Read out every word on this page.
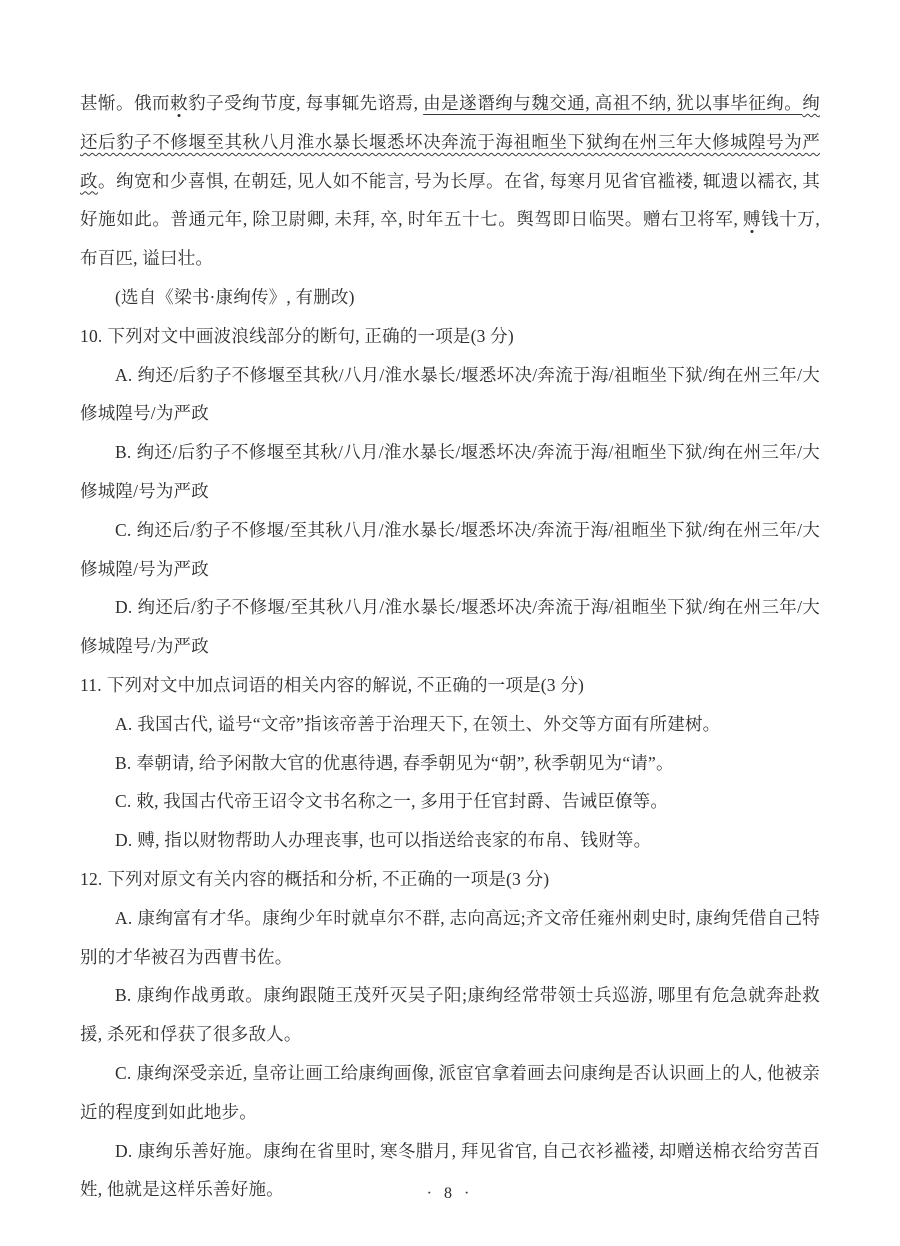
甚惭。俄而敕豹子受绚节度, 每事辄先谘焉, 由是遂谮绚与魏交通, 高祖不纳, 犹以事毕征绚。绚还后豹子不修堰至其秋八月淮水暴长堰悉坏决奔流于海祖暅坐下狱绚在州三年大修城隍号为严政。绚宽和少喜惧, 在朝廷, 见人如不能言, 号为长厚。在省, 每寒月见省官褴褛, 辄遗以襦衣, 其好施如此。普通元年, 除卫尉卿, 未拜, 卒, 时年五十七。舆驾即日临哭。赠右卫将军, 赙钱十万, 布百匹, 谥曰壮。

(选自《梁书·康绚传》, 有删改)

10. 下列对文中画波浪线部分的断句, 正确的一项是(3 分)

A. 绚还/后豹子不修堰至其秋/八月/淮水暴长/堰悉坏决/奔流于海/祖暅坐下狱/绚在州三年/大修城隍号/为严政

B. 绚还/后豹子不修堰至其秋/八月/淮水暴长/堰悉坏决/奔流于海/祖暅坐下狱/绚在州三年/大修城隍/号为严政

C. 绚还后/豹子不修堰/至其秋八月/淮水暴长/堰悉坏决/奔流于海/祖暅坐下狱/绚在州三年/大修城隍/号为严政

D. 绚还后/豹子不修堰/至其秋八月/淮水暴长/堰悉坏决/奔流于海/祖暅坐下狱/绚在州三年/大修城隍号/为严政

11. 下列对文中加点词语的相关内容的解说, 不正确的一项是(3 分)

A. 我国古代, 谥号“文帝”指该帝善于治理天下, 在领土、外交等方面有所建树。

B. 奉朝请, 给予闲散大官的优惠待遇, 春季朝见为“朝”, 秋季朝见为“请”。

C. 敕, 我国古代帝王诏令文书名称之一, 多用于任官封爵、告诫臣僚等。

D. 赙, 指以财物帮助人办理丧事, 也可以指送给丧家的布帛、钱财等。

12. 下列对原文有关内容的概括和分析, 不正确的一项是(3 分)

A. 康绚富有才华。康绚少年时就卓尔不群, 志向高远;齐文帝任雍州刺史时, 康绚凭借自己特别的才华被召为西曹书佐。

B. 康绚作战勇敢。康绚跟随王茂歼灭吴子阳;康绚经常带领士兵巡游, 哪里有危急就奔赴救援, 杀死和俘获了很多敌人。

C. 康绚深受亲近, 皇帝让画工给康绚画像, 派宦官拿着画去问康绚是否认识画上的人, 他被亲近的程度到如此地步。

D. 康绚乐善好施。康绚在省里时, 寒冬腊月, 拜见省官, 自己衣衫褴褛, 却赠送棉衣给穷苦百姓, 他就是这样乐善好施。	· 8 ·
